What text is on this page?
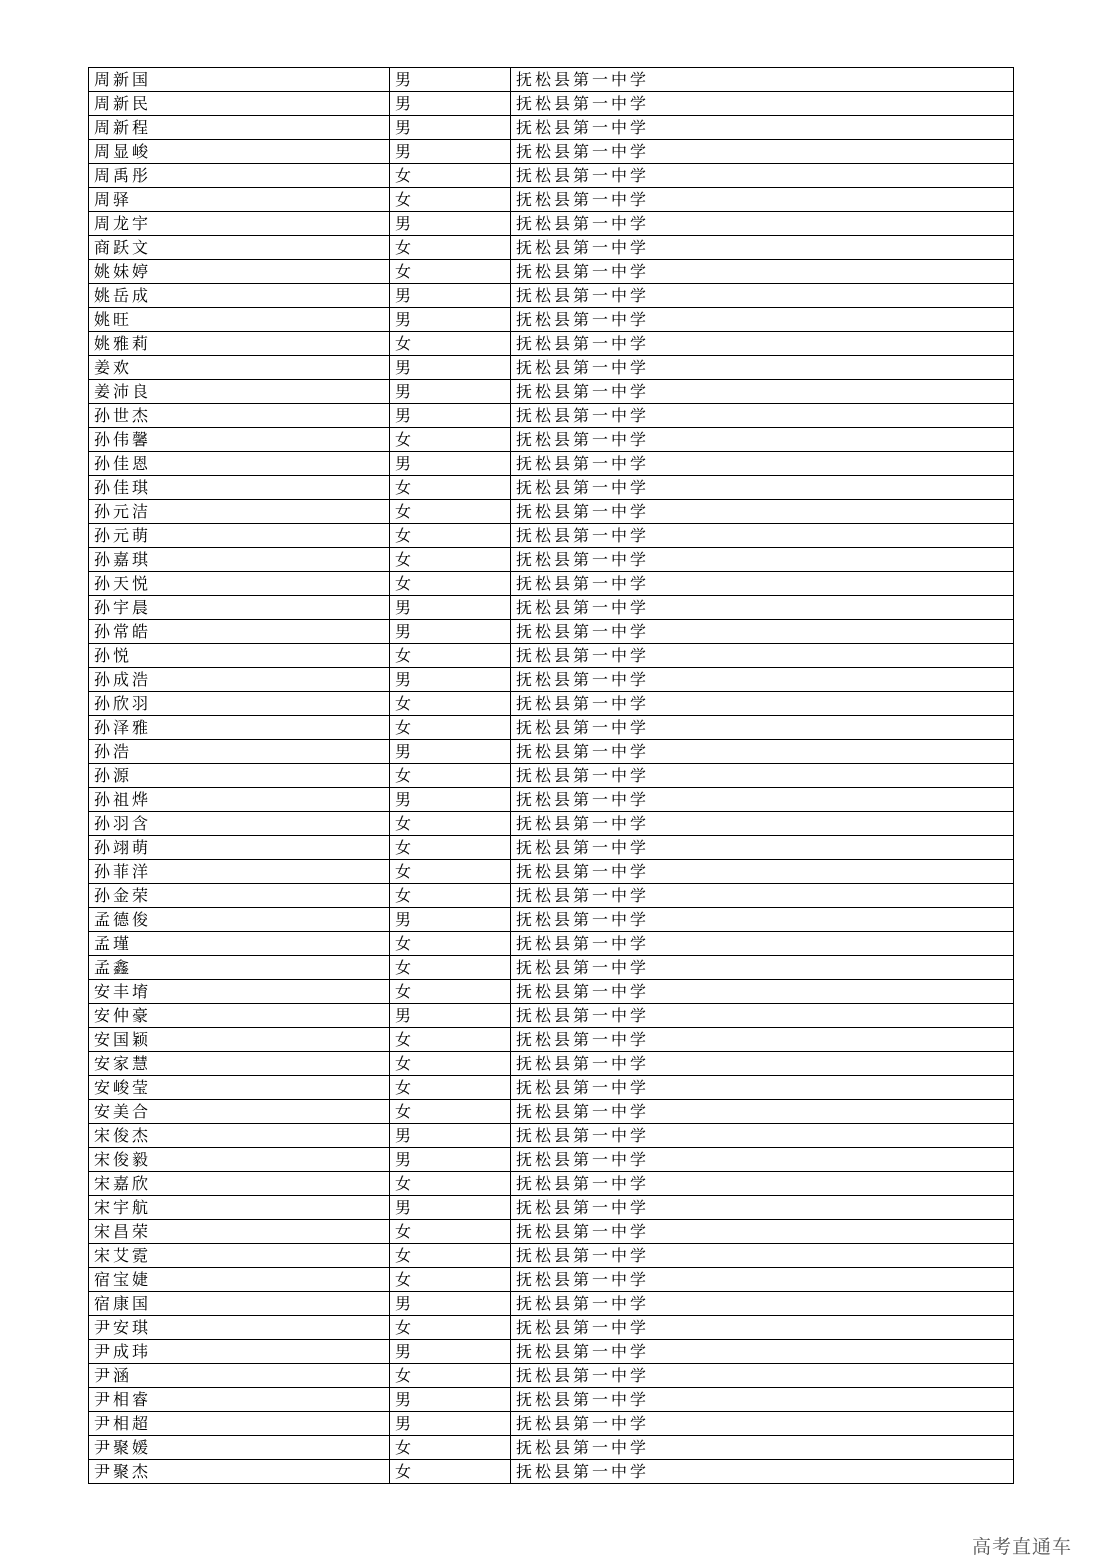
周新国	男	抚松县第一中学
周新民	男	抚松县第一中学
周新程	男	抚松县第一中学
周显峻	男	抚松县第一中学
周禹彤	女	抚松县第一中学
周驿	女	抚松县第一中学
周龙宇	男	抚松县第一中学
商跃文	女	抚松县第一中学
姚妹婷	女	抚松县第一中学
姚岳成	男	抚松县第一中学
姚旺	男	抚松县第一中学
姚雅莉	女	抚松县第一中学
姜欢	男	抚松县第一中学
姜沛良	男	抚松县第一中学
孙世杰	男	抚松县第一中学
孙伟馨	女	抚松县第一中学
孙佳恩	男	抚松县第一中学
孙佳琪	女	抚松县第一中学
孙元洁	女	抚松县第一中学
孙元萌	女	抚松县第一中学
孙嘉琪	女	抚松县第一中学
孙天悦	女	抚松县第一中学
孙宇晨	男	抚松县第一中学
孙常皓	男	抚松县第一中学
孙悦	女	抚松县第一中学
孙成浩	男	抚松县第一中学
孙欣羽	女	抚松县第一中学
孙泽雅	女	抚松县第一中学
孙浩	男	抚松县第一中学
孙源	女	抚松县第一中学
孙祖烨	男	抚松县第一中学
孙羽含	女	抚松县第一中学
孙翊萌	女	抚松县第一中学
孙菲洋	女	抚松县第一中学
孙金荣	女	抚松县第一中学
孟德俊	男	抚松县第一中学
孟瑾	女	抚松县第一中学
孟鑫	女	抚松县第一中学
安丰堉	女	抚松县第一中学
安仲豪	男	抚松县第一中学
安国颖	女	抚松县第一中学
安家慧	女	抚松县第一中学
安峻莹	女	抚松县第一中学
安美合	女	抚松县第一中学
宋俊杰	男	抚松县第一中学
宋俊毅	男	抚松县第一中学
宋嘉欣	女	抚松县第一中学
宋宇航	男	抚松县第一中学
宋昌荣	女	抚松县第一中学
宋艾霓	女	抚松县第一中学
宿宝婕	女	抚松县第一中学
宿康国	男	抚松县第一中学
尹安琪	女	抚松县第一中学
尹成玮	男	抚松县第一中学
尹涵	女	抚松县第一中学
尹相睿	男	抚松县第一中学
尹相超	男	抚松县第一中学
尹聚媛	女	抚松县第一中学
尹聚杰	女	抚松县第一中学
高考直通车
